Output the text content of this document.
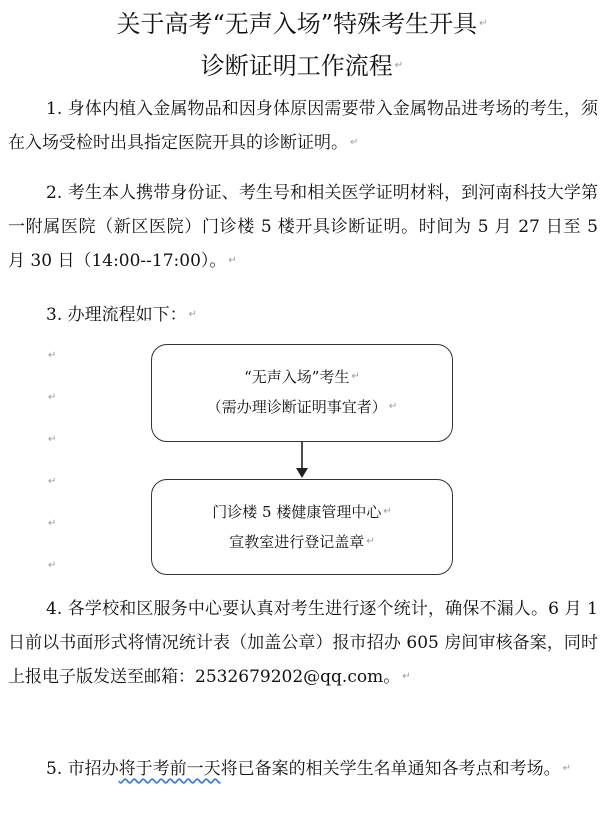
关于高考“无声入场”特殊考生开具 ↵
诊断证明工作流程 ↵
1. 身体内植入金属物品和因身体原因需要带入金属物品进考场的考生，须在入场受检时出具指定医院开具的诊断证明。 ↵
2. 考生本人携带身份证、考生号和相关医学证明材料，到河南科技大学第一附属医院（新区医院）门诊楼 5 楼开具诊断证明。时间为 5 月 27 日至 5 月 30 日（14:00--17:00）。 ↵
3. 办理流程如下： ↵
↵
↵
↵
↵
↵
↵
“无声入场”考生 ↵
（需办理诊断证明事宜者） ↵
门诊楼 5 楼健康管理中心 ↵
宣教室进行登记盖章 ↵
4. 各学校和区服务中心要认真对考生进行逐个统计，确保不漏人。6 月 1 日前以书面形式将情况统计表（加盖公章）报市招办 605 房间审核备案，同时上报电子版发送至邮箱：2532679202@qq.com。 ↵
5. 市招办将于考前一天将已备案的相关学生名单通知各考点和考场。 ↵
